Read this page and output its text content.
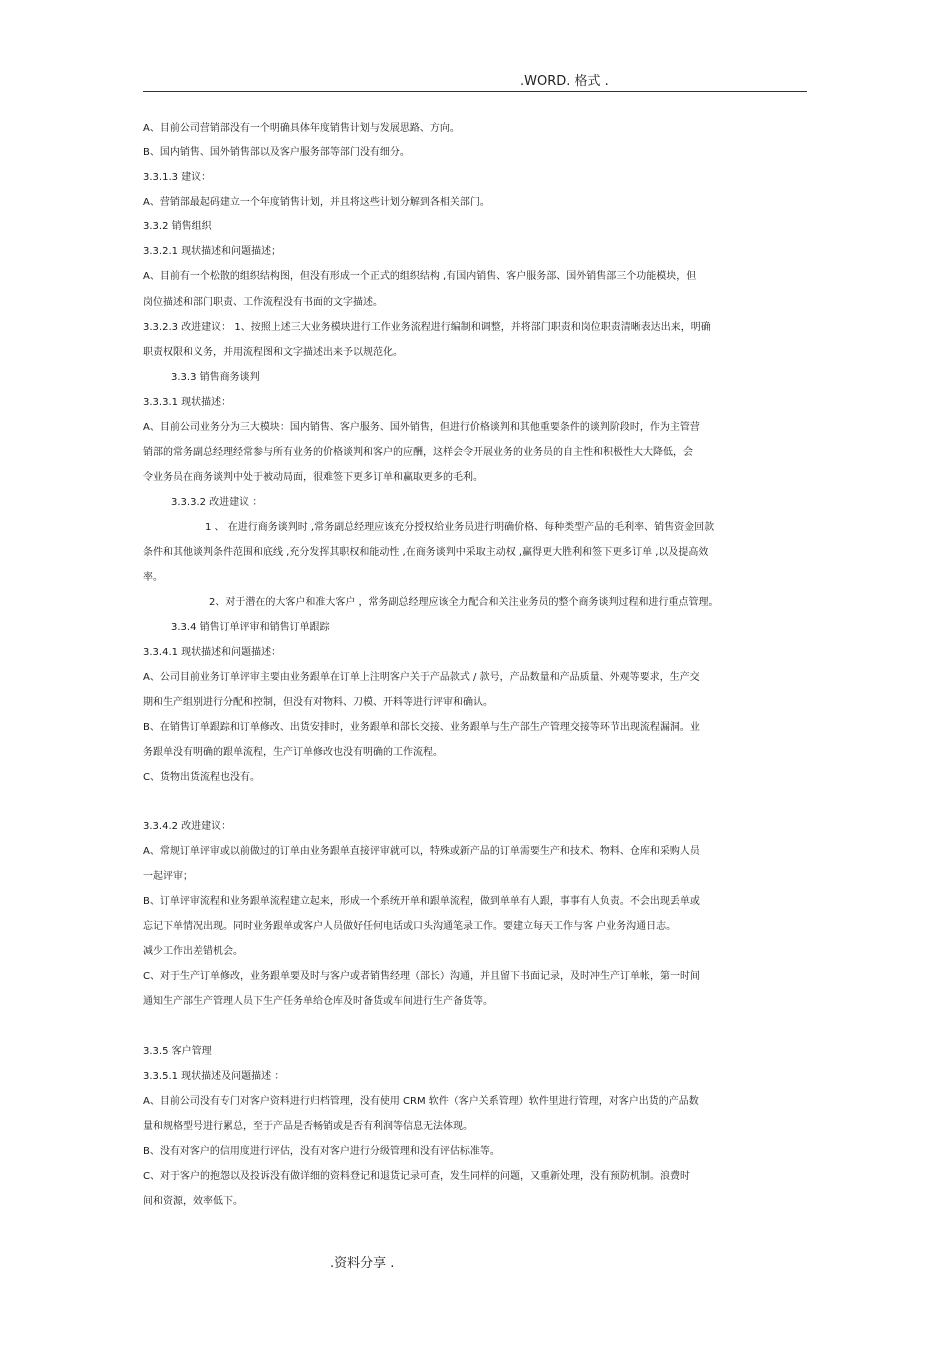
.WORD. 格式 .
A、目前公司营销部没有一个明确具体年度销售计划与发展思路、方向。
B、国内销售、国外销售部以及客户服务部等部门没有细分。
3.3.1.3 建议：
A、营销部最起码建立一个年度销售计划，并且将这些计划分解到各相关部门。
3.3.2 销售组织
3.3.2.1 现状描述和问题描述；
A、目前有一个松散的组织结构图，但没有形成一个正式的组织结构 ,有国内销售、客户服务部、国外销售部三个功能模块，但
岗位描述和部门职责、工作流程没有书面的文字描述。
3.3.2.3 改进建议： 1、按照上述三大业务模块进行工作业务流程进行编制和调整，并将部门职责和岗位职责清晰表达出来，明确
职责权限和义务，并用流程图和文字描述出来予以规范化。
3.3.3 销售商务谈判
3.3.3.1 现状描述：
A、目前公司业务分为三大模块：国内销售、客户服务、国外销售，但进行价格谈判和其他重要条件的谈判阶段时，作为主管营
销部的常务副总经理经常参与所有业务的价格谈判和客户的应酬，这样会令开展业务的业务员的自主性和积极性大大降低，会
令业务员在商务谈判中处于被动局面，很难签下更多订单和赢取更多的毛利。
3.3.3.2 改进建议 ：
1 、 在进行商务谈判时 ,常务副总经理应该充分授权给业务员进行明确价格、每种类型产品的毛利率、销售资金回款
条件和其他谈判条件范围和底线 ,充分发挥其职权和能动性 ,在商务谈判中采取主动权 ,赢得更大胜利和签下更多订单 ,以及提高效
率。
2、对于潜在的大客户和准大客户 ，常务副总经理应该全力配合和关注业务员的整个商务谈判过程和进行重点管理。
3.3.4 销售订单评审和销售订单跟踪
3.3.4.1 现状描述和问题描述：
A、公司目前业务订单评审主要由业务跟单在订单上注明客户关于产品款式 / 款号，产品数量和产品质量、外观等要求，生产交
期和生产组别进行分配和控制，但没有对物料、刀模、开料等进行评审和确认。
B、在销售订单跟踪和订单修改、出货安排时，业务跟单和部长交接、业务跟单与生产部生产管理交接等环节出现流程漏洞。业
务跟单没有明确的跟单流程，生产订单修改也没有明确的工作流程。
C、货物出货流程也没有。
3.3.4.2 改进建议：
A、常规订单评审或以前做过的订单由业务跟单直接评审就可以，特殊或新产品的订单需要生产和技术、物料、仓库和采购人员
一起评审；
B、订单评审流程和业务跟单流程建立起来，形成一个系统开单和跟单流程，做到单单有人跟，事事有人负责。不会出现丢单或
忘记下单情况出现。同时业务跟单或客户人员做好任何电话或口头沟通笔录工作。要建立每天工作与客 户业务沟通日志。
减少工作出差错机会。
C、对于生产订单修改，业务跟单要及时与客户或者销售经理（部长）沟通，并且留下书面记录，及时冲生产订单帐，第一时间
通知生产部生产管理人员下生产任务单给仓库及时备货或车间进行生产备货等。
3.3.5 客户管理
3.3.5.1 现状描述及问题描述 ：
A、目前公司没有专门对客户资料进行归档管理，没有使用 CRM 软件（客户关系管理）软件里进行管理，对客户出货的产品数
量和规格型号进行累总，至于产品是否畅销或是否有利润等信息无法体现。
B、没有对客户的信用度进行评估，没有对客户进行分级管理和没有评估标准等。
C、对于客户的抱怨以及投诉没有做详细的资料登记和退货记录可查，发生同样的问题，又重新处理，没有预防机制。浪费时
间和资源，效率低下。
.资料分享 .
